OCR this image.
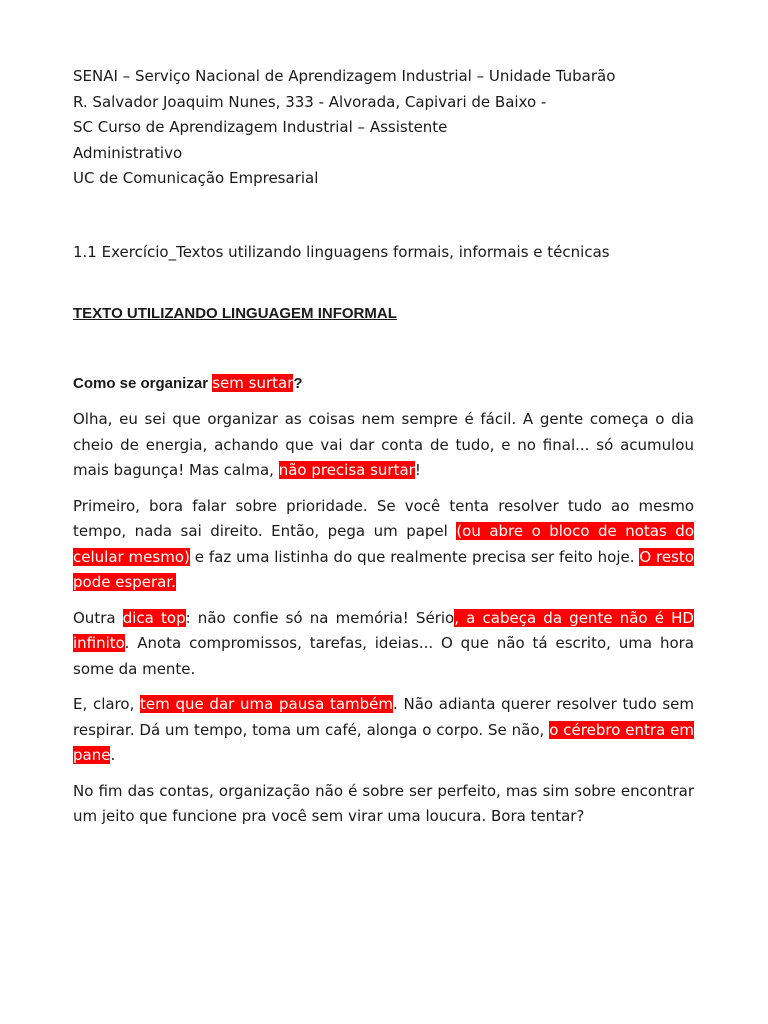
SENAI – Serviço Nacional de Aprendizagem Industrial – Unidade Tubarão
R. Salvador Joaquim Nunes, 333 - Alvorada, Capivari de Baixo -
SC Curso de Aprendizagem Industrial – Assistente
Administrativo
UC de Comunicação Empresarial
1.1 Exercício_Textos utilizando linguagens formais, informais e técnicas
TEXTO UTILIZANDO LINGUAGEM INFORMAL
Como se organizar sem surtar?

Olha, eu sei que organizar as coisas nem sempre é fácil. A gente começa o dia cheio de energia, achando que vai dar conta de tudo, e no final... só acumulou mais bagunça! Mas calma, não precisa surtar!

Primeiro, bora falar sobre prioridade. Se você tenta resolver tudo ao mesmo tempo, nada sai direito. Então, pega um papel (ou abre o bloco de notas do celular mesmo) e faz uma listinha do que realmente precisa ser feito hoje. O resto pode esperar.

Outra dica top: não confie só na memória! Sério, a cabeça da gente não é HD infinito. Anota compromissos, tarefas, ideias... O que não tá escrito, uma hora some da mente.

E, claro, tem que dar uma pausa também. Não adianta querer resolver tudo sem respirar. Dá um tempo, toma um café, alonga o corpo. Se não, o cérebro entra em pane.

No fim das contas, organização não é sobre ser perfeito, mas sim sobre encontrar um jeito que funcione pra você sem virar uma loucura. Bora tentar?
